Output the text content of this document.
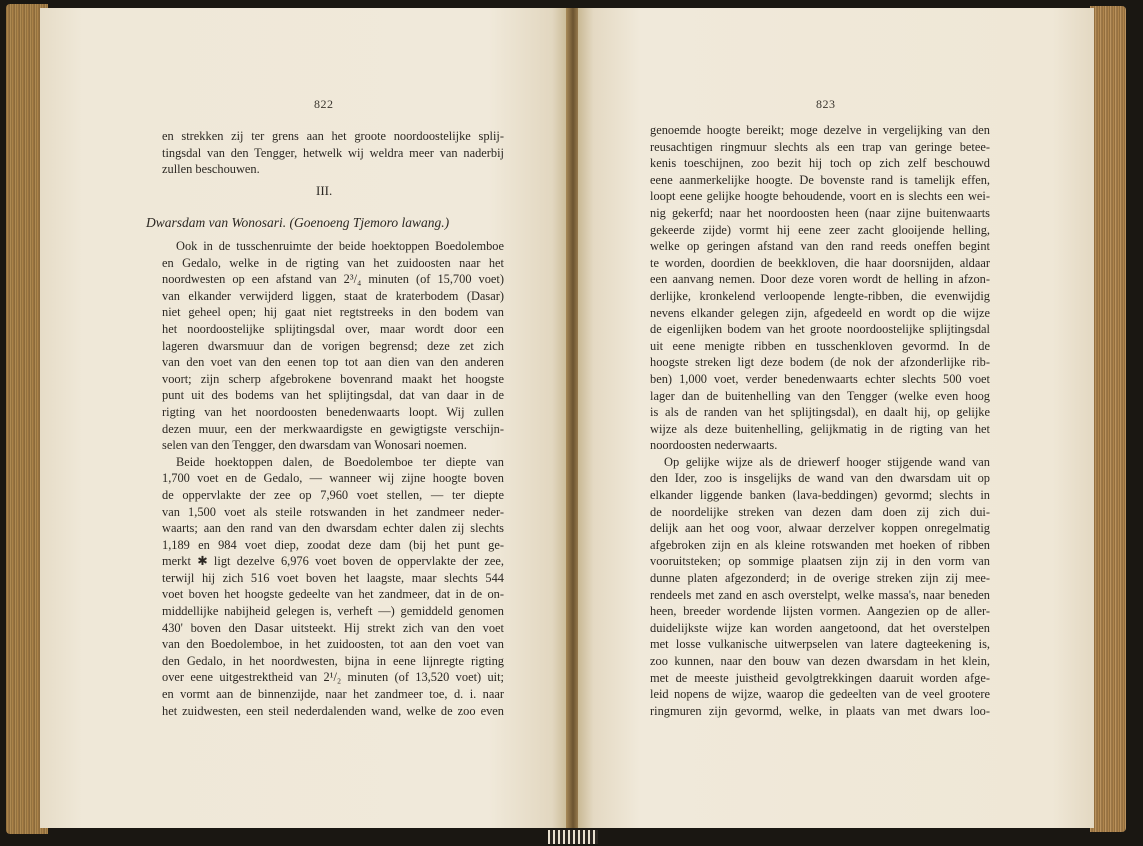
822
en strekken zij ter grens aan het groote noordoostelijke splij-
tingsdal van den Tengger, hetwelk wij weldra meer van naderbij
zullen beschouwen.
III.
Dwarsdam van Wonosari. (Goenoeng Tjemoro lawang.)
Ook in de tusschenruimte der beide hoektoppen Boedolemboe
en Gedalo, welke in de rigting van het zuidoosten naar het
noordwesten op een afstand van 2³/₄ minuten (of 15,700 voet)
van elkander verwijderd liggen, staat de kraterbodem (Dasar)
niet geheel open; hij gaat niet regtstreeks in den bodem van
het noordoostelijke splijtingsdal over, maar wordt door een
lageren dwarsmuur dan de vorigen begrensd; deze zet zich
van den voet van den eenen top tot aan dien van den anderen
voort; zijn scherp afgebrokene bovenrand maakt het hoogste
punt uit des bodems van het splijtingsdal, dat van daar in de
rigting van het noordoosten benedenwaarts loopt. Wij zullen
dezen muur, een der merkwaardigste en gewigtigste verschijn-
selen van den Tengger, den dwarsdam van Wonosari noemen.
Beide hoektoppen dalen, de Boedolemboe ter diepte van
1,700 voet en de Gedalo, — wanneer wij zijne hoogte boven
de oppervlakte der zee op 7,960 voet stellen, — ter diepte
van 1,500 voet als steile rotswanden in het zandmeer neder-
waarts; aan den rand van den dwarsdam echter dalen zij slechts
1,189 en 984 voet diep, zoodat deze dam (bij het punt ge-
merkt ✱ ligt dezelve 6,976 voet boven de oppervlakte der zee,
terwijl hij zich 516 voet boven het laagste, maar slechts 544
voet boven het hoogste gedeelte van het zandmeer, dat in de on-
middellijke nabijheid gelegen is, verheft —) gemiddeld genomen
430' boven den Dasar uitsteekt. Hij strekt zich van den voet
van den Boedolemboe, in het zuidoosten, tot aan den voet van
den Gedalo, in het noordwesten, bijna in eene lijnregte rigting
over eene uitgestrektheid van 2¹/₂ minuten (of 13,520 voet) uit;
en vormt aan de binnenzijde, naar het zandmeer toe, d. i. naar
het zuidwesten, een steil nederdalenden wand, welke de zoo even
823
genoemde hoogte bereikt; moge dezelve in vergelijking van den
reusachtigen ringmuur slechts als een trap van geringe betee-
kenis toeschijnen, zoo bezit hij toch op zich zelf beschouwd
eene aanmerkelijke hoogte. De bovenste rand is tamelijk effen,
loopt eene gelijke hoogte behoudende, voort en is slechts een wei-
nig gekerfd; naar het noordoosten heen (naar zijne buitenwaarts
gekeerde zijde) vormt hij eene zeer zacht glooijende helling,
welke op geringen afstand van den rand reeds oneffen begint
te worden, doordien de beekkloven, die haar doorsnijden, aldaar
een aanvang nemen. Door deze voren wordt de helling in afzon-
derlijke, kronkelend verloopende lengte-ribben, die evenwijdig
nevens elkander gelegen zijn, afgedeeld en wordt op die wijze
de eigenlijken bodem van het groote noordoostelijke splijtingsdal
uit eene menigte ribben en tusschenkloven gevormd. In de
hoogste streken ligt deze bodem (de nok der afzonderlijke rib-
ben) 1,000 voet, verder benedenwaarts echter slechts 500 voet
lager dan de buitenhelling van den Tengger (welke even hoog
is als de randen van het splijtingsdal), en daalt hij, op gelijke
wijze als deze buitenhelling, gelijkmatig in de rigting van het
noordoosten nederwaarts.
Op gelijke wijze als de driewerf hooger stijgende wand van
den Ider, zoo is insgelijks de wand van den dwarsdam uit op
elkander liggende banken (lava-beddingen) gevormd; slechts in
de noordelijke streken van dezen dam doen zij zich dui-
delijk aan het oog voor, alwaar derzelver koppen onregelmatig
afgebroken zijn en als kleine rotswanden met hoeken of ribben
vooruitsteken; op sommige plaatsen zijn zij in den vorm van
dunne platen afgezonderd; in de overige streken zijn zij mee-
rendeels met zand en asch overstelpt, welke massa's, naar beneden
heen, breeder wordende lijsten vormen. Aangezien op de aller-
duidelijkste wijze kan worden aangetoond, dat het overstelpen
met losse vulkanische uitwerpselen van latere dagteekening is,
zoo kunnen, naar den bouw van dezen dwarsdam in het klein,
met de meeste juistheid gevolgtrekkingen daaruit worden afge-
leid nopens de wijze, waarop die gedeelten van de veel grootere
ringmuren zijn gevormd, welke, in plaats van met dwars loo-
